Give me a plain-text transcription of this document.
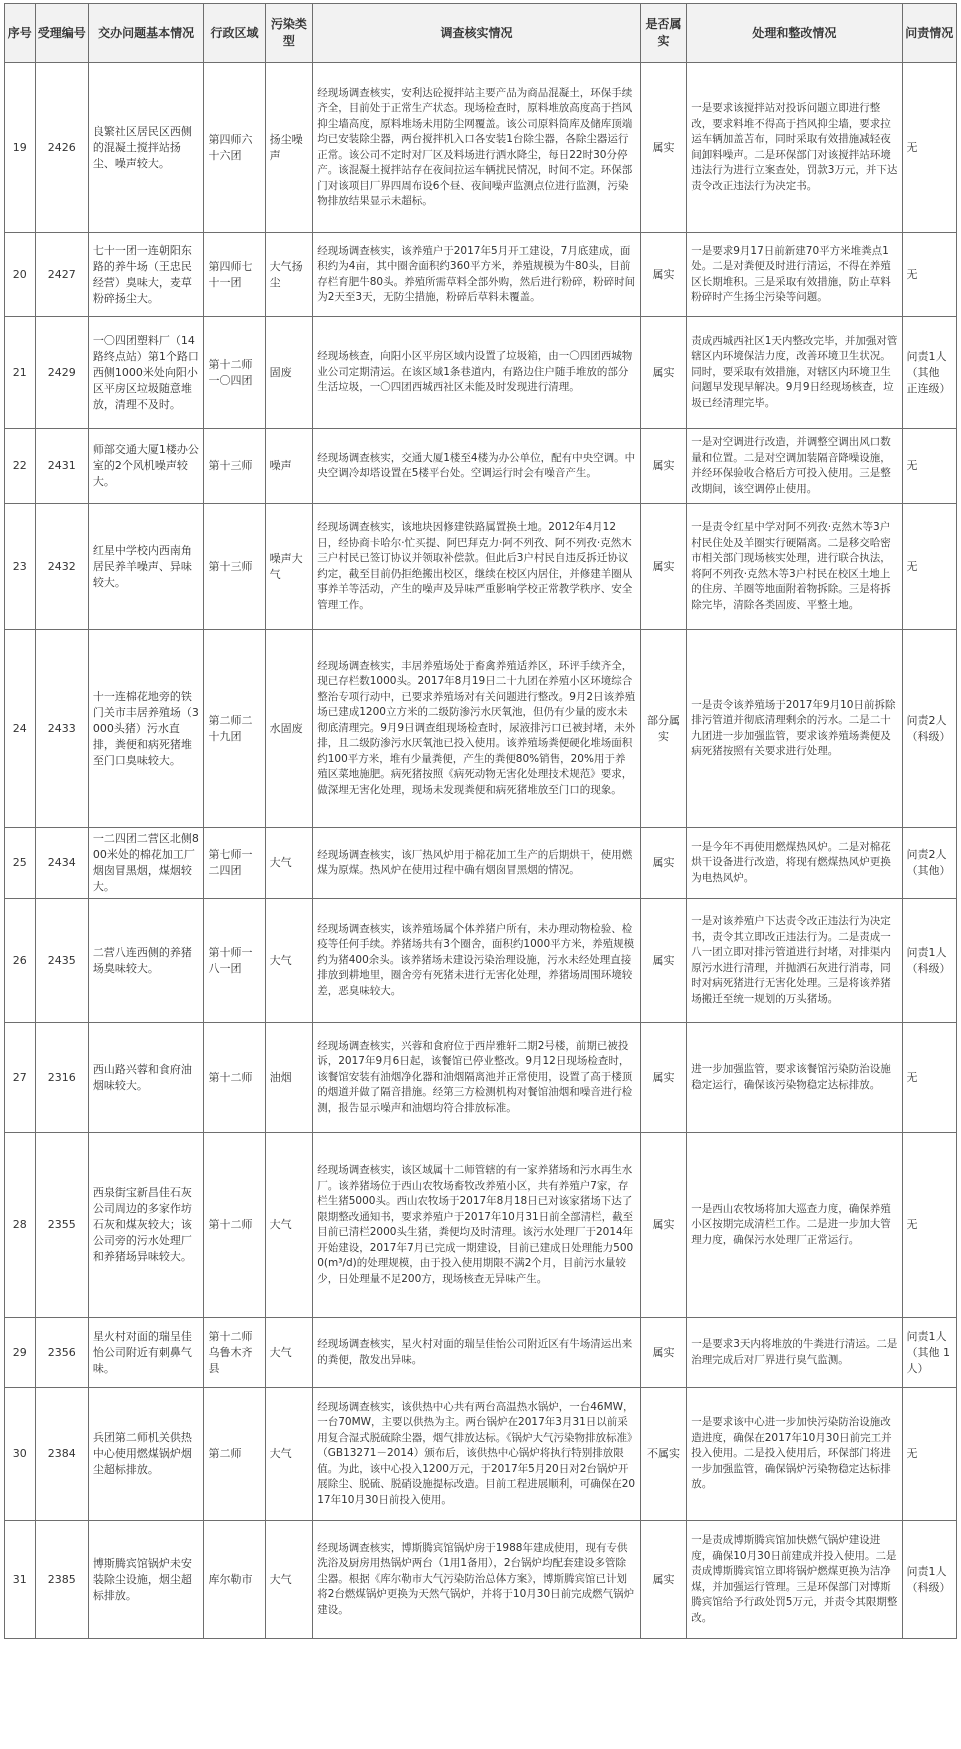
序号	受理编号	交办问题基本情况	行政区域	污染类型	调查核实情况	是否属实	处理和整改情况	问责情况
19	2426	良繁社区居民区西侧的混凝土搅拌站扬尘、噪声较大。	第四师六十六团	扬尘噪声	经现场调查核实，安利达砼搅拌站主要产品为商品混凝土，环保手续齐全，目前处于正常生产状态。现场检查时，原料堆放高度高于挡风抑尘墙高度，原料堆场未用防尘网覆盖。该公司原料筒库及储库顶端均已安装除尘器，两台搅拌机入口各安装1台除尘器，各除尘器运行正常。该公司不定时对厂区及料场进行洒水降尘，每日22时30分停产。该混凝土搅拌站存在夜间拉运车辆扰民情况，时间不定。环保部门对该项目厂界四周布设6个昼、夜间噪声监测点位进行监测，污染物排放结果显示未超标。	属实	一是要求该搅拌站对投诉问题立即进行整改，要求料堆不得高于挡风抑尘墙，要求拉运车辆加盖苫布，同时采取有效措施减轻夜间卸料噪声。二是环保部门对该搅拌站环境违法行为进行立案查处，罚款3万元，并下达责令改正违法行为决定书。	无
20	2427	七十一团一连朝阳东路的养牛场（王忠民经营）臭味大，麦草粉碎扬尘大。	第四师七十一团	大气扬尘	经现场调查核实，该养殖户于2017年5月开工建设，7月底建成，面积约为4亩，其中圈舍面积约360平方米，养殖规模为牛80头，目前存栏育肥牛80头。养殖所需草料全部外购，然后进行粉碎，粉碎时间为2天至3天，无防尘措施，粉碎后草料未覆盖。	属实	一是要求9月17日前新建70平方米堆粪点1处。二是对粪便及时进行清运，不得在养殖区长期堆积。三是采取有效措施，防止草料粉碎时产生扬尘污染等问题。	无
21	2429	一〇四团塑料厂（14路终点站）第1个路口西侧1000米处向阳小区平房区垃圾随意堆放，清理不及时。	第十二师一〇四团	固废	经现场核查，向阳小区平房区域内设置了垃圾箱，由一〇四团西城物业公司定期清运。在该区域1条巷道内，有路边住户随手堆放的部分生活垃圾，一〇四团西城西社区未能及时发现进行清理。	属实	责成西城西社区1天内整改完毕，并加强对管辖区内环境保洁力度，改善环境卫生状况。同时，要采取有效措施，对辖区内环境卫生问题早发现早解决。9月9日经现场核查，垃圾已经清理完毕。	问责1人（其他 正连级）
22	2431	师部交通大厦1楼办公室的2个风机噪声较大。	第十三师	噪声	经现场调查核实，交通大厦1楼至4楼为办公单位，配有中央空调。中央空调冷却塔设置在5楼平台处。空调运行时会有噪音产生。	属实	一是对空调进行改造，并调整空调出风口数量和位置。二是对空调加装隔音降噪设施，并经环保验收合格后方可投入使用。三是整改期间，该空调停止使用。	无
23	2432	红星中学校内西南角居民养羊噪声、异味较大。	第十三师	噪声大气	经现场调查核实，该地块因修建铁路属置换土地。2012年4月12日，经协商卡哈尔·忙买提、阿巴拜克力·阿不列孜、阿不列孜·克然木三户村民已签订协议并领取补偿款。但此后3户村民自违反拆迁协议约定，截至目前仍拒绝搬出校区，继续在校区内居住，并修建羊圈从事养羊等活动，产生的噪声及异味严重影响学校正常教学秩序、安全管理工作。	属实	一是责令红星中学对阿不列孜·克然木等3户村民住处及羊圈实行硬隔离。二是移交哈密市相关部门现场核实处理，进行联合执法，将阿不列孜·克然木等3户村民在校区土地上的住房、羊圈等地面附着物拆除。三是将拆除完毕，清除各类固废、平整土地。	无
24	2433	十一连棉花地旁的铁门关市丰居养殖场（3000头猪）污水直排，粪便和病死猪堆至门口臭味较大。	第二师二十九团	水固废	经现场调查核实，丰居养殖场处于畜禽养殖适养区，环评手续齐全，现已存栏数1000头。2017年8月19日二十九团在养殖小区环境综合整治专项行动中，已要求养殖场对有关问题进行整改。9月2日该养殖场已建成1200立方米的二级防渗污水厌氧池，但仍有少量的废水未彻底清理完。9月9日调查组现场检查时，尿液排污口已被封堵，未外排，且二级防渗污水厌氧池已投入使用。该养殖场粪便硬化堆场面积约100平方米，堆有少量粪便，产生的粪便80%销售，20%用于养殖区菜地施肥。病死猪按照《病死动物无害化处理技术规范》要求，做深埋无害化处理，现场未发现粪便和病死猪堆放至门口的现象。	部分属实	一是责令该养殖场于2017年9月10日前拆除排污管道并彻底清理剩余的污水。二是二十九团进一步加强监管，要求该养殖场粪便及病死猪按照有关要求进行处理。	问责2人（科级）
25	2434	一二四团二营区北侧800米处的棉花加工厂烟囱冒黑烟，煤烟较大。	第七师一二四团	大气	经现场调查核实，该厂热风炉用于棉花加工生产的后期烘干，使用燃煤为原煤。热风炉在使用过程中确有烟囱冒黑烟的情况。	属实	一是今年不再使用燃煤热风炉。二是对棉花烘干设备进行改造，将现有燃煤热风炉更换为电热风炉。	问责2人（其他）
26	2435	二营八连西侧的养猪场臭味较大。	第十师一八一团	大气	经现场调查核实，该养殖场属个体养猪户所有，未办理动物检验、检疫等任何手续。养猪场共有3个圈舍，面积约1000平方米，养殖规模约为猪400余头。该养猪场未建设污染治理设施，污水未经处理直接排放到耕地里，圈舍旁有死猪未进行无害化处理，养猪场周围环境较差，恶臭味较大。	属实	一是对该养殖户下达责令改正违法行为决定书，责令其立即改正违法行为。二是责成一八一团立即对排污管道进行封堵，对排渠内原污水进行清理，并抛洒石灰进行消毒，同时对病死猪进行无害化处理。三是将该养猪场搬迁至统一规划的万头猪场。	问责1人（科级）
27	2316	西山路兴蓉和食府油烟味较大。	第十二师	油烟	经现场调查核实，兴蓉和食府位于西岸雅轩二期2号楼，前期已被投诉，2017年9月6日起，该餐馆已停业整改。9月12日现场检查时，该餐馆安装有油烟净化器和油烟隔离池并正常使用，设置了高于楼顶的烟道并做了隔音措施。经第三方检测机构对餐馆油烟和噪音进行检测，报告显示噪声和油烟均符合排放标准。	属实	进一步加强监管，要求该餐馆污染防治设施稳定运行，确保该污染物稳定达标排放。	无
28	2355	西泉街宝新昌佳石灰公司周边的多家作坊石灰和煤灰较大；该公司旁的污水处理厂和养猪场异味较大。	第十二师	大气	经现场调查核实，该区域属十二师管辖的有一家养猪场和污水再生水厂。该养猪场位于西山农牧场畜牧改养殖小区，共有养殖户7家，存栏生猪5000头。西山农牧场于2017年8月18日已对该家猪场下达了限期整改通知书，要求养殖户于2017年10月31日前全部清栏，截至目前已清栏2000头生猪，粪便均及时清理。该污水处理厂于2014年开始建设，2017年7月已完成一期建设，目前已建成日处理能力5000(m³/d)的处理规模，由于投入使用期限不满2个月，目前污水量较少，日处理量不足200方，现场核查无异味产生。	属实	一是西山农牧场将加大巡查力度，确保养殖小区按期完成清栏工作。二是进一步加大管理力度，确保污水处理厂正常运行。	无
29	2356	星火村对面的瑞呈佳怡公司附近有刺鼻气味。	第十二师乌鲁木齐县	大气	经现场调查核实，星火村对面的瑞呈佳怡公司附近区有牛场清运出来的粪便，散发出异味。	属实	一是要求3天内将堆放的牛粪进行清运。二是治理完成后对厂界进行臭气监测。	问责1人（其他 1人）
30	2384	兵团第二师机关供热中心使用燃煤锅炉烟尘超标排放。	第二师	大气	经现场调查核实，该供热中心共有两台高温热水锅炉，一台46MW，一台70MW，主要以供热为主。两台锅炉在2017年3月31日以前采用复合湿式脱硫除尘器，烟气排放达标。《锅炉大气污染物排放标准》（GB13271－2014）颁布后，该供热中心锅炉将执行特别排放限值。为此，该中心投入1200万元，于2017年5月20日对2台锅炉开展除尘、脱硫、脱硝设施提标改造。目前工程进展顺利，可确保在2017年10月30日前投入使用。	不属实	一是要求该中心进一步加快污染防治设施改造进度，确保在2017年10月30日前完工并投入使用。二是投入使用后，环保部门将进一步加强监管，确保锅炉污染物稳定达标排放。	无
31	2385	博斯腾宾馆锅炉未安装除尘设施，烟尘超标排放。	库尔勒市	大气	经现场调查核实，博斯腾宾馆锅炉房于1988年建成使用，现有专供洗浴及厨房用热锅炉两台（1用1备用），2台锅炉均配套建设多管除尘器。根据《库尔勒市大气污染防治总体方案》，博斯腾宾馆已计划将2台燃煤锅炉更换为天然气锅炉，并将于10月30日前完成燃气锅炉建设。	属实	一是责成博斯腾宾馆加快燃气锅炉建设进度，确保10月30日前建成并投入使用。二是责成博斯腾宾馆立即将锅炉燃煤更换为洁净煤，并加强运行管理。三是环保部门对博斯腾宾馆给予行政处罚5万元，并责令其限期整改。	问责1人（科级）
